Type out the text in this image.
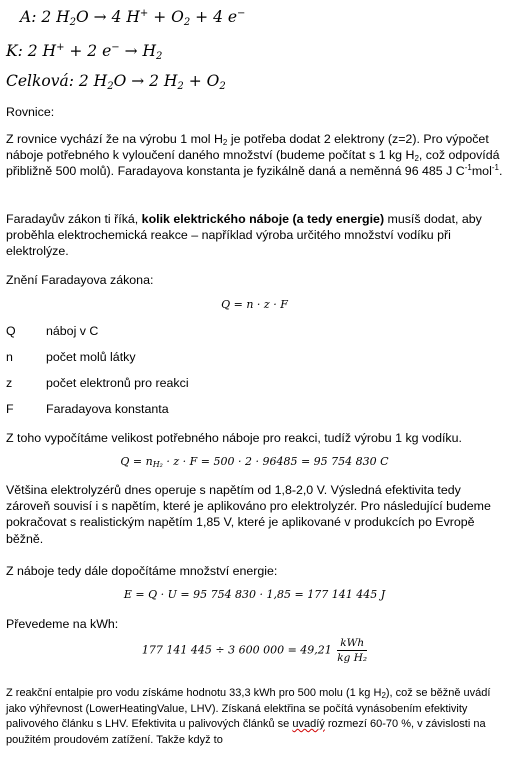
A: 2 H2O → 4 H+ + O2 + 4 e−
K: 2 H+ + 2 e− → H2
Celková: 2 H2O → 2 H2 + O2
Rovnice:
Z rovnice vychází že na výrobu 1 mol $H_2$ je potřeba dodat 2 elektrony (z=2). Pro výpočet náboje potřebného k vyloučení daného množství (budeme počítat s 1 kg $H_2$, což odpovídá přibližně 500 molů). Faradayova konstanta je fyzikálně daná a neměnná 96 485 J $C^{-1}mol^{-1}$.
Faradayův zákon ti říká, kolik elektrického náboje (a tedy energie) musíš dodat, aby proběhla elektrochemická reakce – například výroba určitého množství vodíku při elektrolýze.
Znění Faradayova zákona:
Q = n · z · F
Q náboj v C
n	počet molů látky
z	počet elektronů pro reakci
F	Faradayova konstanta
Z toho vypočítáme velikost potřebného náboje pro reakci, tudíž výrobu 1 kg vodíku.
$Q = n_{H_2} \cdot z \cdot F = 500 \cdot 2 \cdot 96485 = 95$ 754 830 C
Většina elektrolyzérů dnes operuje s napětím od 1,8-2,0 V. Výsledná efektivita tedy zároveň souvisí i s napětím, které je aplikováno pro elektrolyzér. Pro následující budeme pokračovat s realistickým napětím 1,85 V, které je aplikované v produkcích po Evropě běžně.
Z náboje tedy dále dopočítáme množství energie:
E = Q · U = 95 754 830 · 1,85 = 177 141 445 J
Převedeme na kWh:
177 141 445 ÷ 3 600 $000 = 49,21 \frac{\text{kWh}}{\text{kg H₂}}$
Z reakční entalpie pro vodu získáme hodnotu 33,3 kWh pro 500 molu (1 kg $H_2$), což se běžně uvádí jako výhřevnost (LowerHeatingValue, LHV). Získaná elektřina se počítá vynásobením efektivity palivového článku s LHV. Efektivita u palivových článků se uvadíý rozmezí 60-70 %, v závislosti na použitém proudovém zatížení. Takže když to
